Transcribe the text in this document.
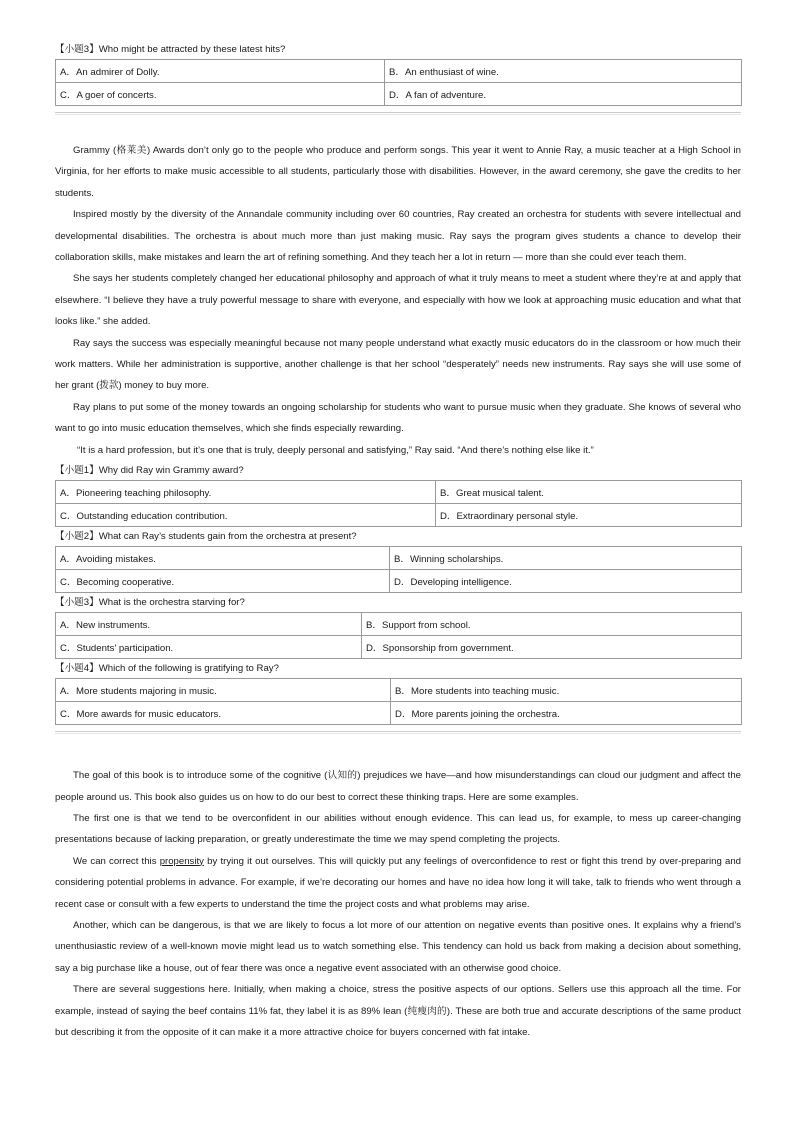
【小题3】Who might be attracted by these latest hits?
A．An admirer of Dolly.	B．An enthusiast of wine.
C．A goer of concerts.	D．A fan of adventure.

Grammy (格莱美) Awards don’t only go to the people who produce and perform songs. This year it went to Annie Ray, a music teacher at a High School in Virginia, for her efforts to make music accessible to all students, particularly those with disabilities. However, in the award ceremony, she gave the credits to her students.

Inspired mostly by the diversity of the Annandale community including over 60 countries, Ray created an orchestra for students with severe intellectual and developmental disabilities. The orchestra is about much more than just making music. Ray says the program gives students a chance to develop their collaboration skills, make mistakes and learn the art of refining something. And they teach her a lot in return — more than she could ever teach them.

She says her students completely changed her educational philosophy and approach of what it truly means to meet a student where they’re at and apply that elsewhere. “I believe they have a truly powerful message to share with everyone, and especially with how we look at approaching music education and what that looks like.” she added.

Ray says the success was especially meaningful because not many people understand what exactly music educators do in the classroom or how much their work matters. While her administration is supportive, another challenge is that her school “desperately” needs new instruments. Ray says she will use some of her grant (拨款) money to buy more.

Ray plans to put some of the money towards an ongoing scholarship for students who want to pursue music when they graduate. She knows of several who want to go into music education themselves, which she finds especially rewarding.

“It is a hard profession, but it’s one that is truly, deeply personal and satisfying,” Ray said. “And there’s nothing else like it.”

【小题1】Why did Ray win Grammy award?
A．Pioneering teaching philosophy.	B．Great musical talent.
C．Outstanding education contribution.	D．Extraordinary personal style.
【小题2】What can Ray’s students gain from the orchestra at present?
A．Avoiding mistakes.	B．Winning scholarships.
C．Becoming cooperative.	D．Developing intelligence.
【小题3】What is the orchestra starving for?
A．New instruments.	B．Support from school.
C．Students’ participation.	D．Sponsorship from government.
【小题4】Which of the following is gratifying to Ray?
A．More students majoring in music.	B．More students into teaching music.
C．More awards for music educators.	D．More parents joining the orchestra.

The goal of this book is to introduce some of the cognitive (认知的) prejudices we have—and how misunderstandings can cloud our judgment and affect the people around us. This book also guides us on how to do our best to correct these thinking traps. Here are some examples.

The first one is that we tend to be overconfident in our abilities without enough evidence. This can lead us, for example, to mess up career-changing presentations because of lacking preparation, or greatly underestimate the time we may spend completing the projects.

We can correct this propensity by trying it out ourselves. This will quickly put any feelings of overconfidence to rest or fight this trend by over-preparing and considering potential problems in advance. For example, if we’re decorating our homes and have no idea how long it will take, talk to friends who went through a recent case or consult with a few experts to understand the time the project costs and what problems may arise.

Another, which can be dangerous, is that we are likely to focus a lot more of our attention on negative events than positive ones. It explains why a friend’s unenthusiastic review of a well-known movie might lead us to watch something else. This tendency can hold us back from making a decision about something, say a big purchase like a house, out of fear there was once a negative event associated with an otherwise good choice.

There are several suggestions here. Initially, when making a choice, stress the positive aspects of our options. Sellers use this approach all the time. For example, instead of saying the beef contains 11% fat, they label it is as 89% lean (纯瘦肉的). These are both true and accurate descriptions of the same product but describing it from the opposite of it can make it a more attractive choice for buyers concerned with fat intake.
